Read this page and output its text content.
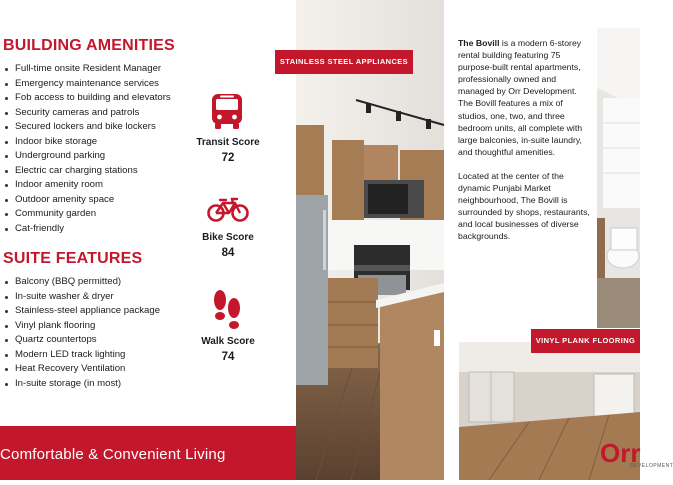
BUILDING AMENITIES
Full-time onsite Resident Manager
Emergency maintenance services
Fob access to building and elevators
Security cameras and patrols
Secured lockers and bike lockers
Indoor bike storage
Underground parking
Electric car charging stations
Indoor amenity room
Outdoor amenity space
Community garden
Cat-friendly
SUITE FEATURES
Balcony (BBQ permitted)
In-suite washer & dryer
Stainless-steel appliance package
Vinyl plank flooring
Quartz countertops
Modern LED track lighting
Heat Recovery Ventilation
In-suite storage (in most)
Transit Score
72
Bike Score
84
Walk Score
74
Comfortable & Convenient Living
STAINLESS STEEL APPLIANCES

The Bovill is a modern 6-storey rental building featuring 75 purpose-built rental apartments, professionally owned and managed by Orr Development.
The Bovill features a mix of studios, one, two, and three bedroom units, all complete with large balconies, in-suite laundry, and thoughtful amenities.

Located at the center of the dynamic Punjabi Market neighbourhood, The Bovill is surrounded by shops, restaurants, and local businesses of diverse backgrounds.

VINYL PLANK FLOORING
Orr
DEVELOPMENT
